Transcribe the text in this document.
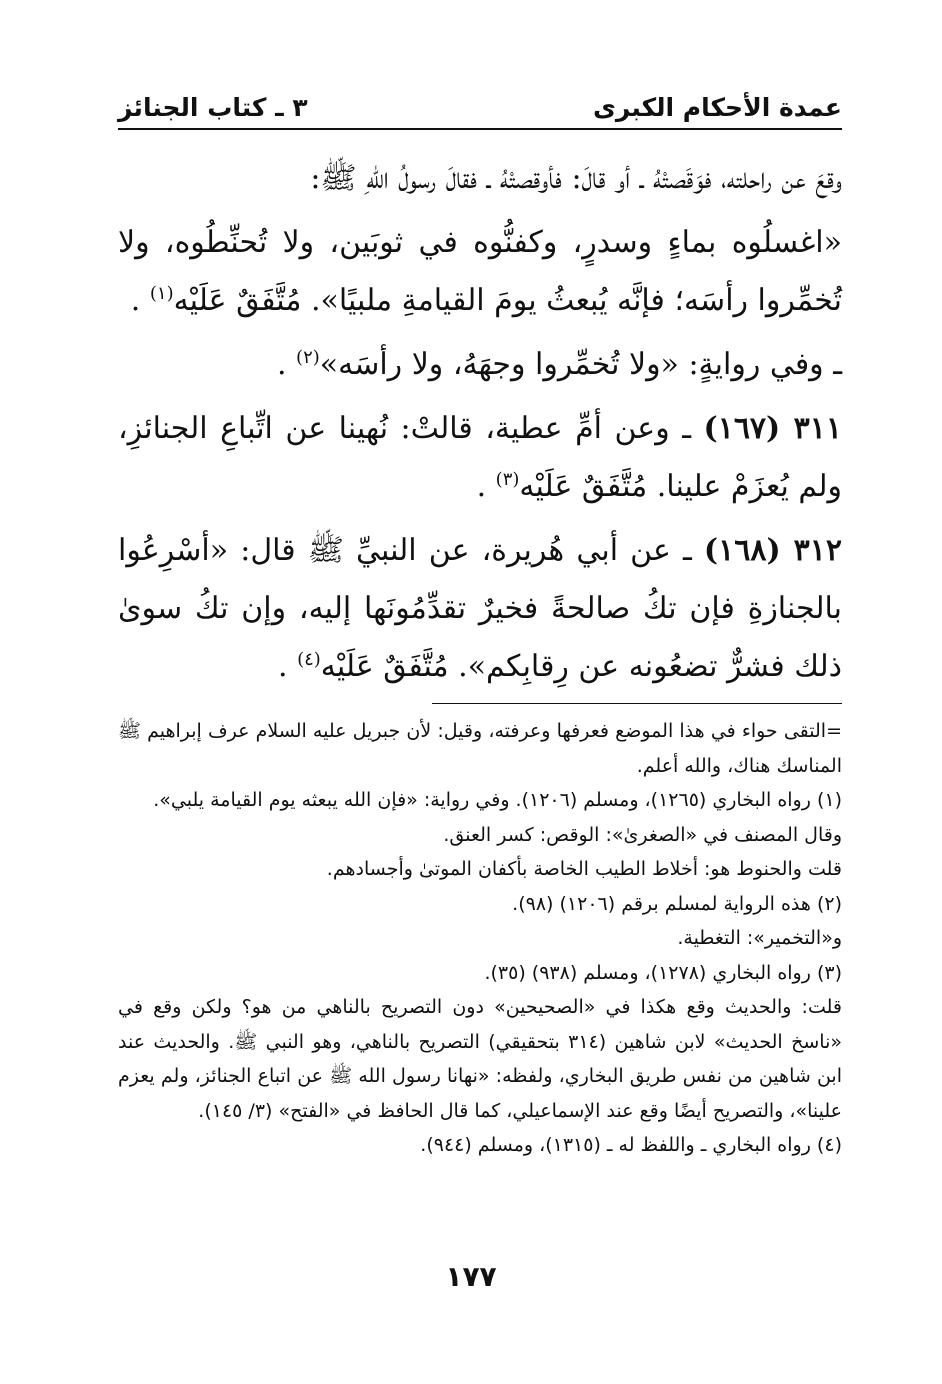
عمدة الأحكام الكبرى
٣ ـ كتاب الجنائز

وقعَ عن راحلته، فوَقَصتْهُ ـ أو قالَ: فأوقصتْهُ ـ فقالَ رسولُ اللهِ ﷺ:

«اغسلُوه بماءٍ وسدرٍ، وكفنُّوه في ثوبَين، ولا تُحنِّطُوه، ولا تُخمِّروا رأسَه؛ فإنَّه يُبعثُ يومَ القيامةِ ملبيًا». مُتَّفَقٌ عَلَيْه$^{(١)}$ .

ـ وفي روايةٍ: «ولا تُخمِّروا وجهَهُ، ولا رأسَه»$^{(٢)}$ .

٣١١ (١٦٧) ـ وعن أمِّ عطية، قالتْ: نُهينا عن اتِّباعِ الجنائزِ، ولم يُعزَمْ علينا. مُتَّفَقٌ عَلَيْه$^{(٣)}$ .

٣١٢ (١٦٨) ـ عن أبي هُريرة، عن النبيِّ ﷺ قال: «أسْرِعُوا بالجنازةِ فإن تكُ صالحةً فخيرٌ تقدِّمُونَها إليه، وإن تكُ سوىٰ ذلك فشرٌّ تضعُونه عن رِقابِكم». مُتَّفَقٌ عَلَيْه$^{(٤)}$ .

=التقى حواء في هذا الموضع فعرفها وعرفته، وقيل: لأن جبريل عليه السلام عرف إبراهيم ﷺ المناسك هناك، والله أعلم.

(١) رواه البخاري (١٢٦٥)، ومسلم (١٢٠٦). وفي رواية: «فإن الله يبعثه يوم القيامة يلبي».

وقال المصنف في «الصغرىٰ»: الوقص: كسر العنق.

قلت والحنوط هو: أخلاط الطيب الخاصة بأكفان الموتىٰ وأجسادهم.

(٢) هذه الرواية لمسلم برقم (١٢٠٦) (٩٨).

و«التخمير»: التغطية.

(٣) رواه البخاري (١٢٧٨)، ومسلم (٩٣٨) (٣٥).

قلت: والحديث وقع هكذا في «الصحيحين» دون التصريح بالناهي من هو؟ ولكن وقع في «ناسخ الحديث» لابن شاهين (٣١٤ بتحقيقي) التصريح بالناهي، وهو النبي ﷺ. والحديث عند ابن شاهين من نفس طريق البخاري، ولفظه: «نهانا رسول الله ﷺ عن اتباع الجنائز، ولم يعزم علينا»، والتصريح أيضًا وقع عند الإسماعيلي، كما قال الحافظ في «الفتح» (٣/ ١٤٥).

(٤) رواه البخاري ـ واللفظ له ـ (١٣١٥)، ومسلم (٩٤٤).

١٧٧
